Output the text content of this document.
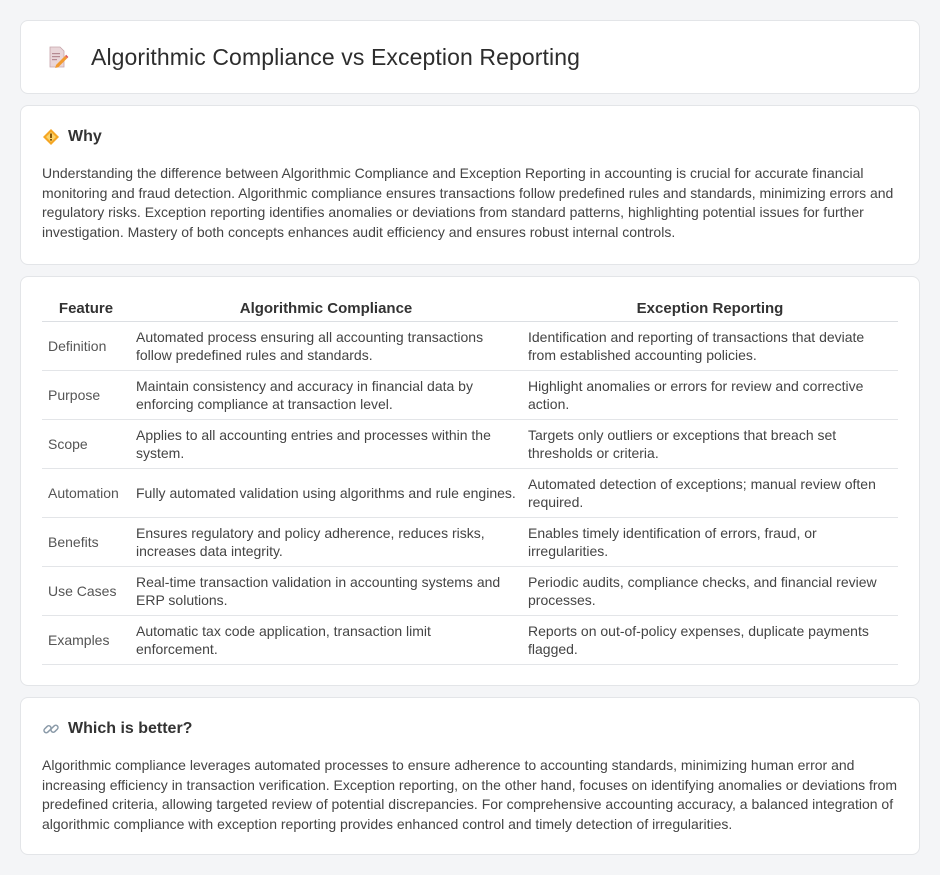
Algorithmic Compliance vs Exception Reporting
Why

Understanding the difference between Algorithmic Compliance and Exception Reporting in accounting is crucial for accurate financial monitoring and fraud detection. Algorithmic compliance ensures transactions follow predefined rules and standards, minimizing errors and regulatory risks. Exception reporting identifies anomalies or deviations from standard patterns, highlighting potential issues for further investigation. Mastery of both concepts enhances audit efficiency and ensures robust internal controls.

Feature	Algorithmic Compliance	Exception Reporting
Definition	Automated process ensuring all accounting transactions follow predefined rules and standards.	Identification and reporting of transactions that deviate from established accounting policies.
Purpose	Maintain consistency and accuracy in financial data by enforcing compliance at transaction level.	Highlight anomalies or errors for review and corrective action.
Scope	Applies to all accounting entries and processes within the system.	Targets only outliers or exceptions that breach set thresholds or criteria.
Automation	Fully automated validation using algorithms and rule engines.	Automated detection of exceptions; manual review often required.
Benefits	Ensures regulatory and policy adherence, reduces risks, increases data integrity.	Enables timely identification of errors, fraud, or irregularities.
Use Cases	Real-time transaction validation in accounting systems and ERP solutions.	Periodic audits, compliance checks, and financial review processes.
Examples	Automatic tax code application, transaction limit enforcement.	Reports on out-of-policy expenses, duplicate payments flagged.
Which is better?

Algorithmic compliance leverages automated processes to ensure adherence to accounting standards, minimizing human error and increasing efficiency in transaction verification. Exception reporting, on the other hand, focuses on identifying anomalies or deviations from predefined criteria, allowing targeted review of potential discrepancies. For comprehensive accounting accuracy, a balanced integration of algorithmic compliance with exception reporting provides enhanced control and timely detection of irregularities.
